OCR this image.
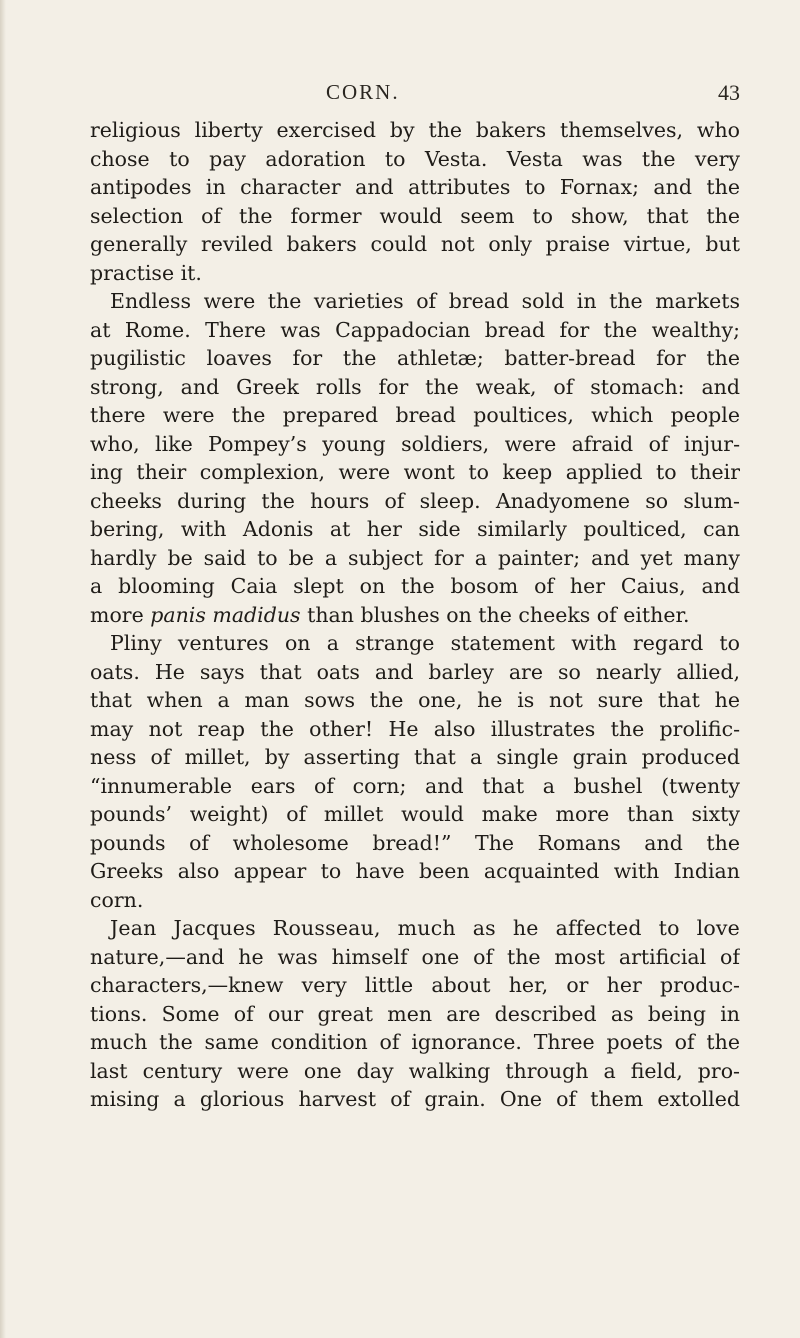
CORN.	43
religious liberty exercised by the bakers themselves, who
chose to pay adoration to Vesta. Vesta was the very
antipodes in character and attributes to Fornax; and the
selection of the former would seem to show, that the
generally reviled bakers could not only praise virtue, but
practise it.
Endless were the varieties of bread sold in the markets
at Rome. There was Cappadocian bread for the wealthy;
pugilistic loaves for the athletæ; batter-bread for the
strong, and Greek rolls for the weak, of stomach: and
there were the prepared bread poultices, which people
who, like Pompey’s young soldiers, were afraid of injur-
ing their complexion, were wont to keep applied to their
cheeks during the hours of sleep. Anadyomene so slum-
bering, with Adonis at her side similarly poulticed, can
hardly be said to be a subject for a painter; and yet many
a blooming Caia slept on the bosom of her Caius, and
more panis madidus than blushes on the cheeks of either.
Pliny ventures on a strange statement with regard to
oats. He says that oats and barley are so nearly allied,
that when a man sows the one, he is not sure that he
may not reap the other! He also illustrates the prolific-
ness of millet, by asserting that a single grain produced
“innumerable ears of corn; and that a bushel (twenty
pounds’ weight) of millet would make more than sixty
pounds of wholesome bread!” The Romans and the
Greeks also appear to have been acquainted with Indian
corn.
Jean Jacques Rousseau, much as he affected to love
nature,—and he was himself one of the most artificial of
characters,—knew very little about her, or her produc-
tions. Some of our great men are described as being in
much the same condition of ignorance. Three poets of the
last century were one day walking through a field, pro-
mising a glorious harvest of grain. One of them extolled
